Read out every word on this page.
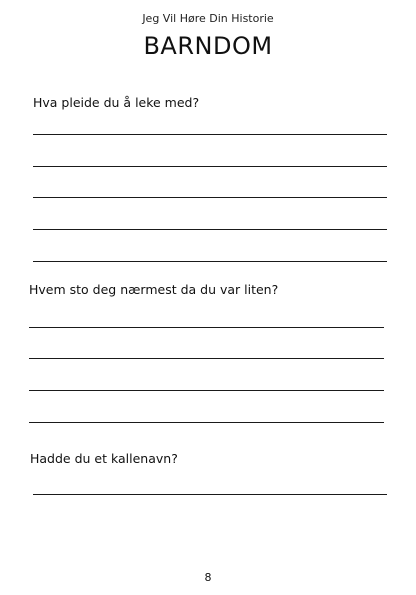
Jeg Vil Høre Din Historie
BARNDOM
Hva pleide du å leke med?
Hvem sto deg nærmest da du var liten?
Hadde du et kallenavn?
8
